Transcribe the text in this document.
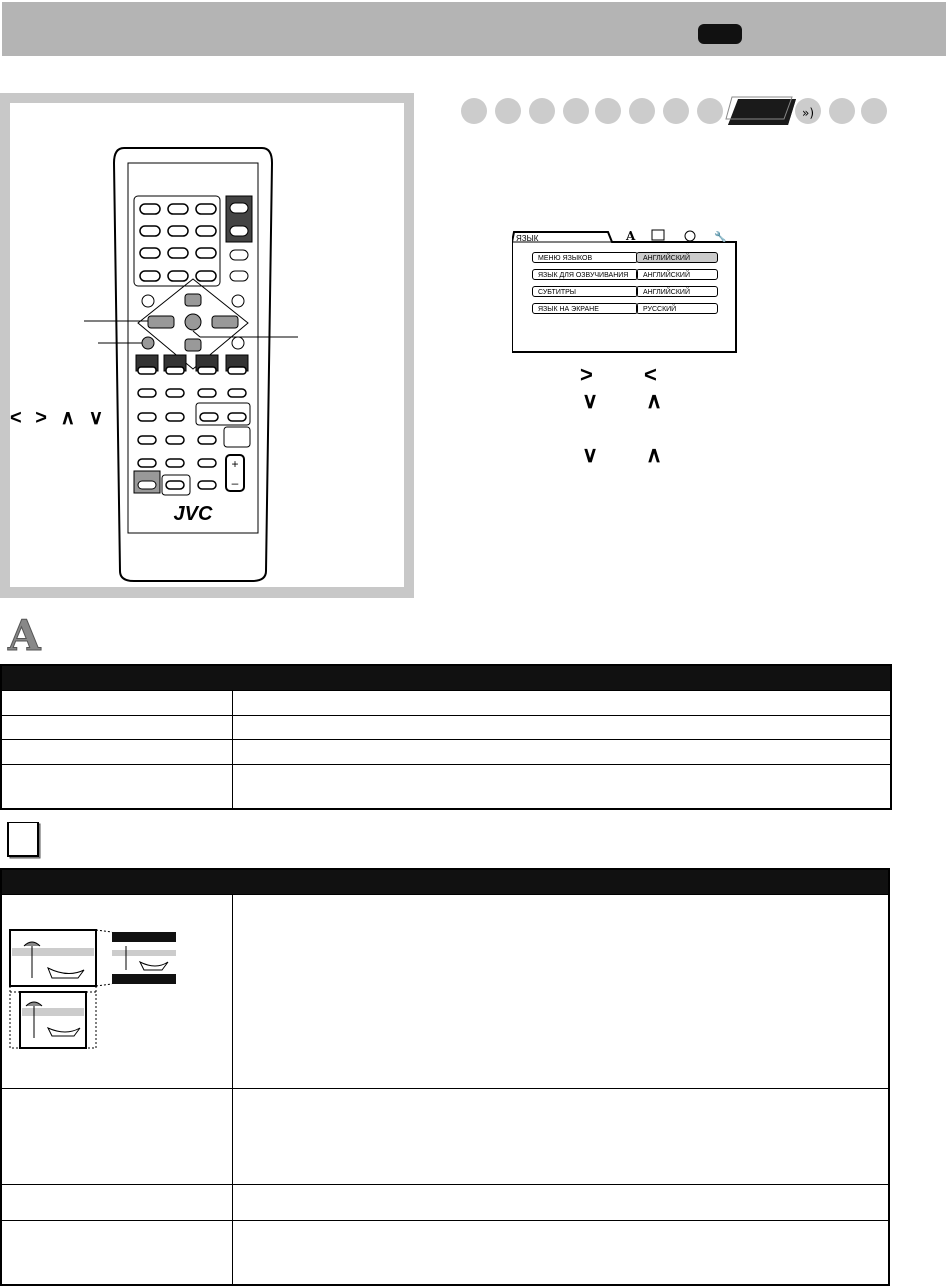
+
–
JVC
< > ∧ ∨
»)
A	🔧
ЯЗЫК
МЕНЮ ЯЗЫКОВ	АНГЛИЙСКИЙ
ЯЗЫК ДЛЯ ОЗВУЧИВАНИЯ	АНГЛИЙСКИЙ
СУБТИТРЫ	АНГЛИЙСКИЙ
ЯЗЫК НА ЭКРАНЕ	РУССКИЙ
> <
∨ ∧
∨ ∧
A
